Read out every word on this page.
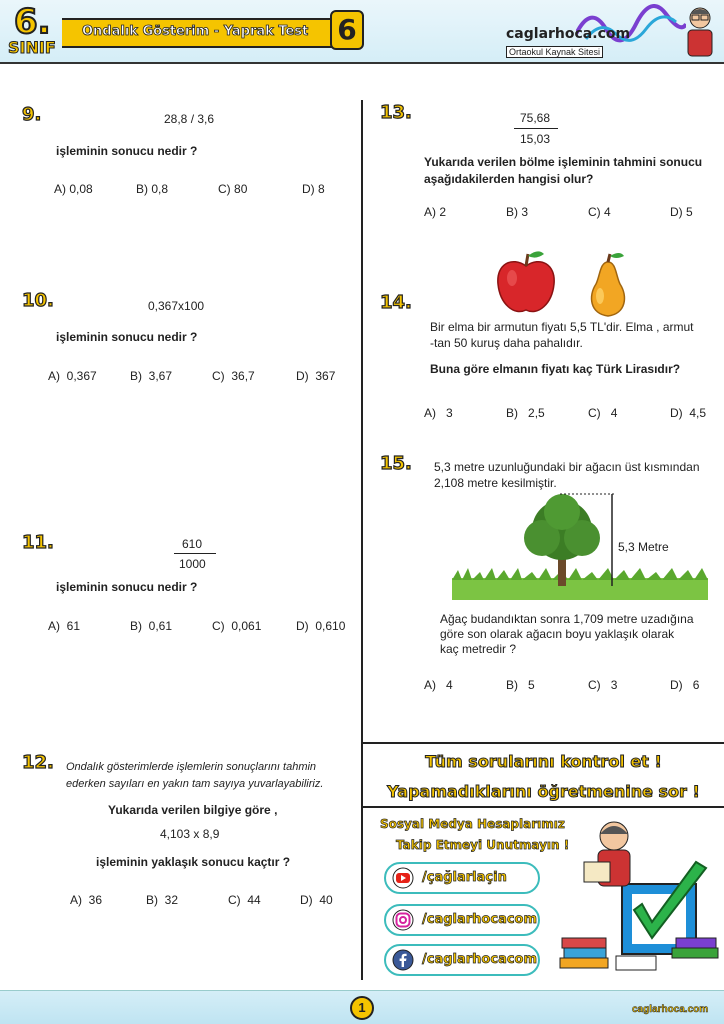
6.
SINIF
Ondalık Gösterim - Yaprak Test 6	caglarhoca.com
Ortaokul Kaynak Sitesi
9.	28,8 / 3,6
işleminin sonucu nedir ?
A) 0,08	B) 0,8	C) 80	D) 8
10.	0,367x100
işleminin sonucu nedir ?
A) 0,367	B) 3,67	C) 36,7	D) 367
11.	610
1000
işleminin sonucu nedir ?
A) 61	B) 0,61	C) 0,061	D) 0,610
12. Ondalık gösterimlerde işlemlerin sonuçlarını tahmin
ederken sayıları en yakın tam sayıya yuvarlayabiliriz.
Yukarıda verilen bilgiye göre ,
4,103 x 8,9
işleminin yaklaşık sonucu kaçtır ?
A) 36	B) 32	C) 44	D) 40
13.	75,68
15,03
Yukarıda verilen bölme işleminin tahmini sonucu
aşağıdakilerden hangisi olur?
A) 2	B) 3	C) 4	D) 5
14.
Bir elma bir armutun fiyatı 5,5 TL'dir. Elma , armut
-tan 50 kuruş daha pahalıdır.
Buna göre elmanın fiyatı kaç Türk Lirasıdır?
A) 3	B) 2,5	C) 4	D) 4,5
15. 5,3 metre uzunluğundaki bir ağacın üst kısmından
2,108 metre kesilmiştir.
5,3 Metre
Ağaç budandıktan sonra 1,709 metre uzadığına
göre son olarak ağacın boyu yaklaşık olarak
kaç metredir ?
A) 4	B) 5	C) 3	D) 6
Tüm sorularını kontrol et !
Yapamadıklarını öğretmenine sor !
Sosyal Medya Hesaplarımız
Takip Etmeyi Unutmayın !
/çağlarlaçin
/caglarhocacom
/caglarhocacom
1	caglarhoca.com
